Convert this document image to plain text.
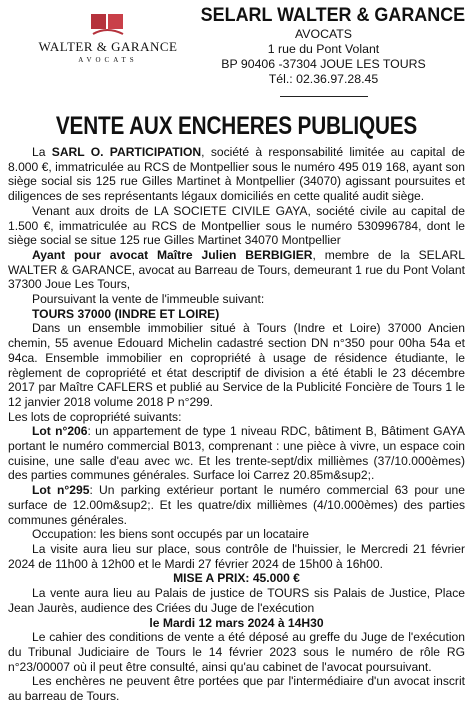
WALTER & GARANCE
AVOCATS
SELARL WALTER & GARANCE
AVOCATS
1 rue du Pont Volant
BP 90406 -37304 JOUE LES TOURS
Tél.: 02.36.97.28.45
VENTE AUX ENCHERES PUBLIQUES

La SARL O. PARTICIPATION, société à responsabilité limitée au capital de 8.000 €, immatriculée au RCS de Montpellier sous le numéro 495 019 168, ayant son siège social sis 125 rue Gilles Martinet à Montpellier (34070) agissant poursuites et diligences de ses représentants légaux domiciliés en cette qualité audit siège.

Venant aux droits de LA SOCIETE CIVILE GAYA, société civile au capital de 1.500 €, immatriculée au RCS de Montpellier sous le numéro 530996784, dont le siège social se situe 125 rue Gilles Martinet 34070 Montpellier

Ayant pour avocat Maître Julien BERBIGIER, membre de la SELARL WALTER & GARANCE, avocat au Barreau de Tours, demeurant 1 rue du Pont Volant 37300 Joue Les Tours,

Poursuivant la vente de l'immeuble suivant:

TOURS 37000 (INDRE ET LOIRE)

Dans un ensemble immobilier situé à Tours (Indre et Loire) 37000 Ancien chemin, 55 avenue Edouard Michelin cadastré section DN n°350 pour 00ha 54a et 94ca. Ensemble immobilier en copropriété à usage de résidence étudiante, le règlement de copropriété et état descriptif de division a été établi le 23 décembre 2017 par Maître CAFLERS et publié au Service de la Publicité Foncière de Tours 1 le 12 janvier 2018 volume 2018 P n°299.

Les lots de copropriété suivants:

Lot n°206: un appartement de type 1 niveau RDC, bâtiment B, Bâtiment GAYA portant le numéro commercial B013, comprenant : une pièce à vivre, un espace coin cuisine, une salle d'eau avec wc. Et les trente-sept/dix millièmes (37/10.000èmes) des parties communes générales. Surface loi Carrez 20.85m&sup2;.

Lot n°295: Un parking extérieur portant le numéro commercial 63 pour une surface de 12.00m&sup2;. Et les quatre/dix millièmes (4/10.000èmes) des parties communes générales.

Occupation: les biens sont occupés par un locataire

La visite aura lieu sur place, sous contrôle de l'huissier, le Mercredi 21 février 2024 de 11h00 à 12h00 et le Mardi 27 février 2024 de 15h00 à 16h00.

MISE A PRIX: 45.000 €

La vente aura lieu au Palais de justice de TOURS sis Palais de Justice, Place Jean Jaurès, audience des Criées du Juge de l'exécution

le Mardi 12 mars 2024 à 14H30

Le cahier des conditions de vente a été déposé au greffe du Juge de l'exécution du Tribunal Judiciaire de Tours le 14 février 2023 sous le numéro de rôle RG n°23/00007 où il peut être consulté, ainsi qu'au cabinet de l'avocat poursuivant.

Les enchères ne peuvent être portées que par l'intermédiaire d'un avocat inscrit au barreau de Tours.
